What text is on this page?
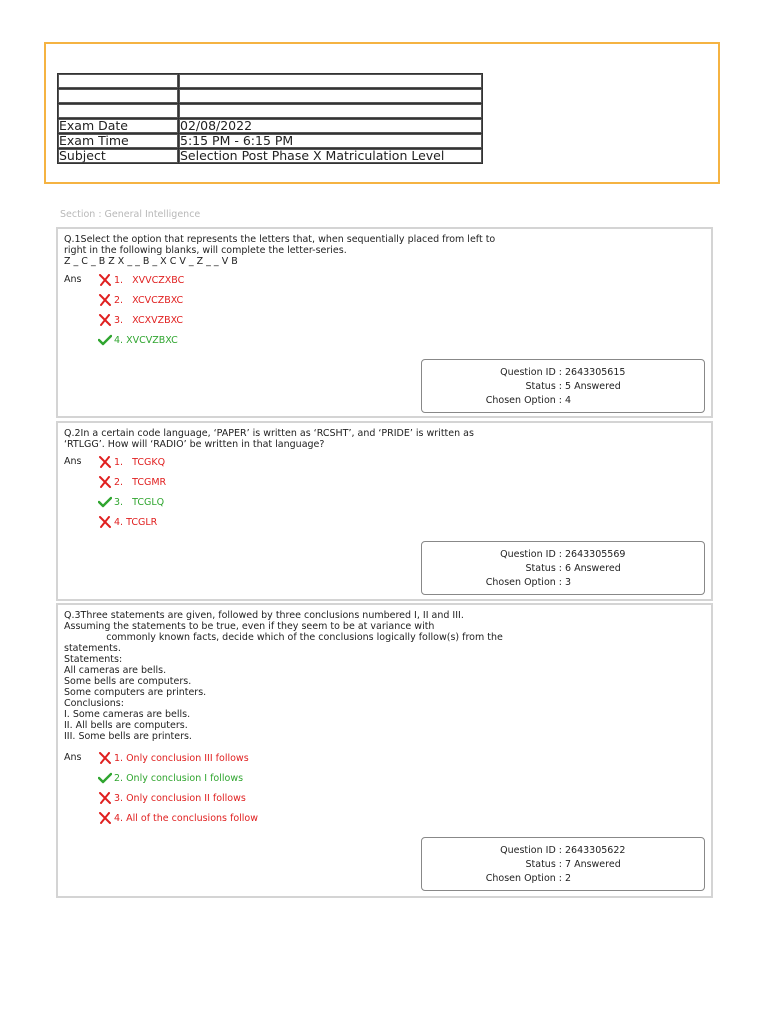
Exam Date	02/08/2022
Exam Time	5:15 PM - 6:15 PM
Subject	Selection Post Phase X Matriculation Level
Section : General Intelligence
Q.1Select the option that represents the letters that, when sequentially placed from left to
right in the following blanks, will complete the letter-series.
Z _ C _ B Z X _ _ B _ X C V _ Z _ _ V B
Ans
Question ID : 2643305615
Status : 5 Answered
Chosen Option : 4
1.   XVVCZXBC
2.   XCVCZBXC
3.   XCXVZBXC
4. XVCVZBXC
Q.2In a certain code language, ‘PAPER’ is written as ‘RCSHT’, and ‘PRIDE’ is written as
‘RTLGG’. How will ‘RADIO’ be written in that language?
Ans
Question ID : 2643305569
Status : 6 Answered
Chosen Option : 3
1.   TCGKQ
2.   TCGMR
3.   TCGLQ
4. TCGLR
Q.3Three statements are given, followed by three conclusions numbered I, II and III.
Assuming the statements to be true, even if they seem to be at variance with
commonly known facts, decide which of the conclusions logically follow(s) from the
statements.
Statements:
All cameras are bells.
Some bells are computers.
Some computers are printers.
Conclusions:
I. Some cameras are bells.
II. All bells are computers.
III. Some bells are printers.
Ans
Question ID : 2643305622
Status : 7 Answered
Chosen Option : 2
1. Only conclusion III follows
2. Only conclusion I follows
3. Only conclusion II follows
4. All of the conclusions follow
